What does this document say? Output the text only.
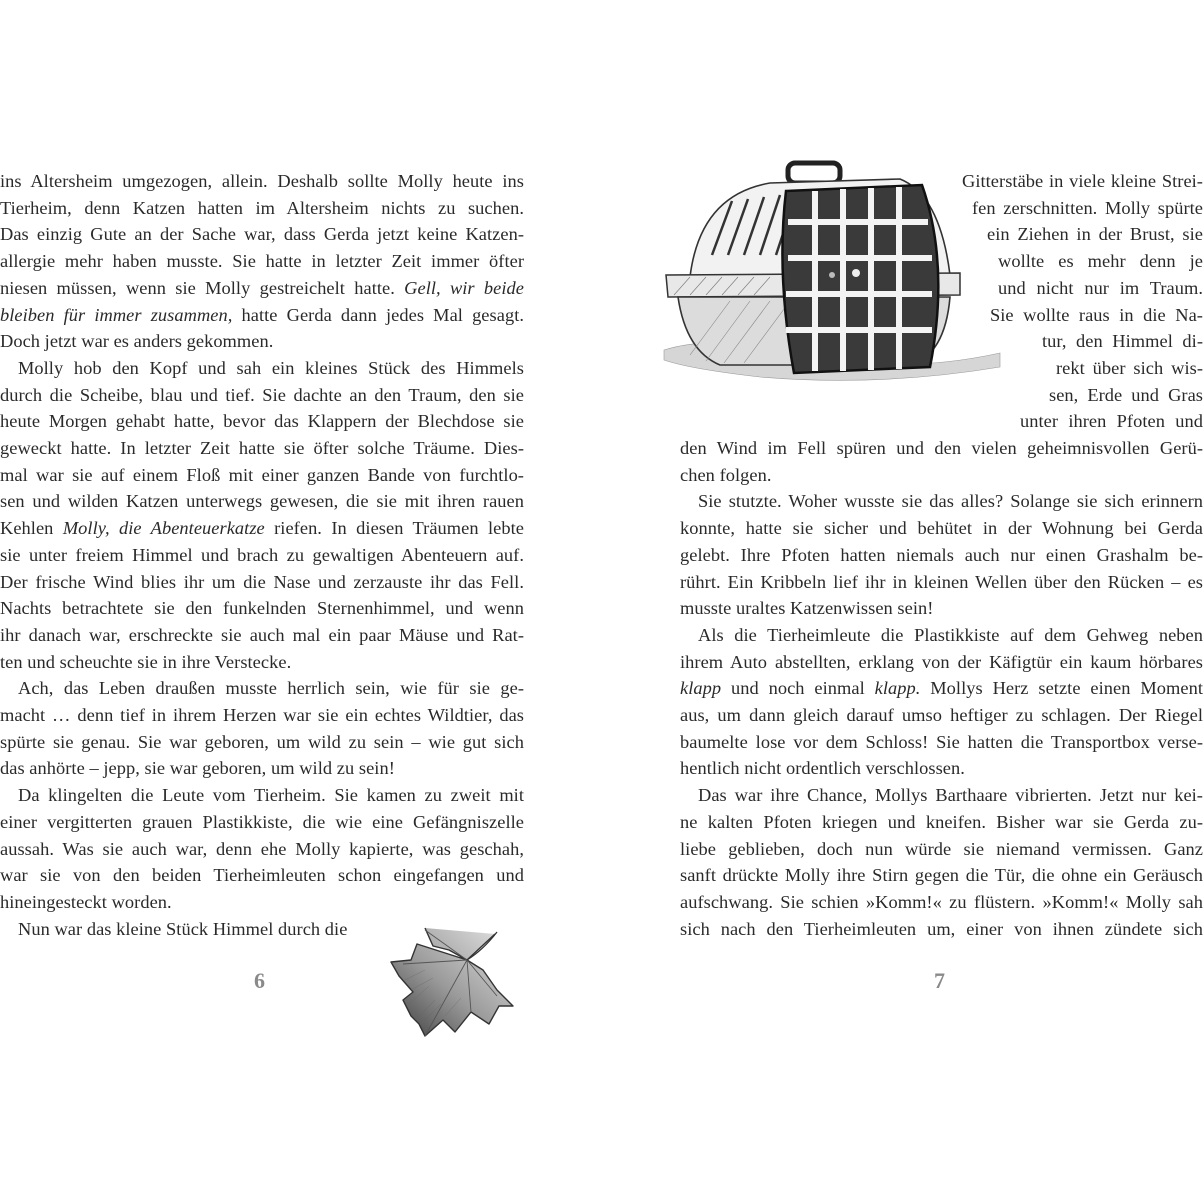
ins Altersheim umgezogen, allein. Deshalb sollte Molly heute ins
Tierheim, denn Katzen hatten im Altersheim nichts zu suchen.
Das einzig Gute an der Sache war, dass Gerda jetzt keine Katzen-
allergie mehr haben musste. Sie hatte in letzter Zeit immer öfter
niesen müssen, wenn sie Molly gestreichelt hatte. Gell, wir beide
bleiben für immer zusammen, hatte Gerda dann jedes Mal gesagt.
Doch jetzt war es anders gekommen.
Molly hob den Kopf und sah ein kleines Stück des Himmels
durch die Scheibe, blau und tief. Sie dachte an den Traum, den sie
heute Morgen gehabt hatte, bevor das Klappern der Blechdose sie
geweckt hatte. In letzter Zeit hatte sie öfter solche Träume. Dies-
mal war sie auf einem Floß mit einer ganzen Bande von furchtlo-
sen und wilden Katzen unterwegs gewesen, die sie mit ihren rauen
Kehlen Molly, die Abenteuerkatze riefen. In diesen Träumen lebte
sie unter freiem Himmel und brach zu gewaltigen Abenteuern auf.
Der frische Wind blies ihr um die Nase und zerzauste ihr das Fell.
Nachts betrachtete sie den funkelnden Sternenhimmel, und wenn
ihr danach war, erschreckte sie auch mal ein paar Mäuse und Rat-
ten und scheuchte sie in ihre Verstecke.
Ach, das Leben draußen musste herrlich sein, wie für sie ge-
macht … denn tief in ihrem Herzen war sie ein echtes Wildtier, das
spürte sie genau. Sie war geboren, um wild zu sein – wie gut sich
das anhörte – jepp, sie war geboren, um wild zu sein!
Da klingelten die Leute vom Tierheim. Sie kamen zu zweit mit
einer vergitterten grauen Plastikkiste, die wie eine Gefängniszelle
aussah. Was sie auch war, denn ehe Molly kapierte, was geschah,
war sie von den beiden Tierheimleuten schon eingefangen und
hineingesteckt worden.
Nun war das kleine Stück Himmel durch die
6
Gitterstäbe in viele kleine Strei-
fen zerschnitten. Molly spürte
ein Ziehen in der Brust, sie
wollte es mehr denn je
und nicht nur im Traum.
Sie wollte raus in die Na-
tur, den Himmel di-
rekt über sich wis-
sen, Erde und Gras
unter ihren Pfoten und
den Wind im Fell spüren und den vielen geheimnisvollen Gerü-
chen folgen.
Sie stutzte. Woher wusste sie das alles? Solange sie sich erinnern
konnte, hatte sie sicher und behütet in der Wohnung bei Gerda
gelebt. Ihre Pfoten hatten niemals auch nur einen Grashalm be-
rührt. Ein Kribbeln lief ihr in kleinen Wellen über den Rücken – es
musste uraltes Katzenwissen sein!
Als die Tierheimleute die Plastikkiste auf dem Gehweg neben
ihrem Auto abstellten, erklang von der Käfigtür ein kaum hörbares
klapp und noch einmal klapp. Mollys Herz setzte einen Moment
aus, um dann gleich darauf umso heftiger zu schlagen. Der Riegel
baumelte lose vor dem Schloss! Sie hatten die Transportbox verse-
hentlich nicht ordentlich verschlossen.
Das war ihre Chance, Mollys Barthaare vibrierten. Jetzt nur kei-
ne kalten Pfoten kriegen und kneifen. Bisher war sie Gerda zu-
liebe geblieben, doch nun würde sie niemand vermissen. Ganz
sanft drückte Molly ihre Stirn gegen die Tür, die ohne ein Geräusch
aufschwang. Sie schien »Komm!« zu flüstern. »Komm!« Molly sah
sich nach den Tierheimleuten um, einer von ihnen zündete sich
7
